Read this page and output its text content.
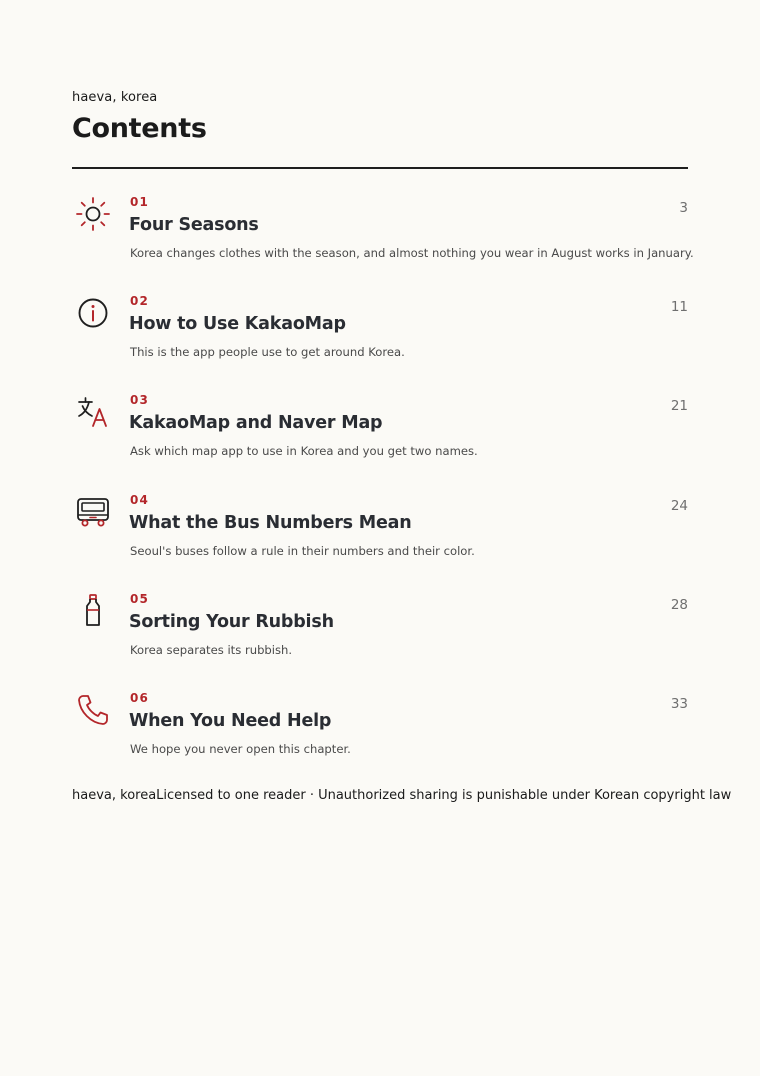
haeva, korea
Contents
01
Four Seasons
Korea changes clothes with the season, and almost nothing you wear in August works in January.
3
02
How to Use KakaoMap
This is the app people use to get around Korea.
11
03
KakaoMap and Naver Map
Ask which map app to use in Korea and you get two names.
21
04
What the Bus Numbers Mean
Seoul's buses follow a rule in their numbers and their color.
24
05
Sorting Your Rubbish
Korea separates its rubbish.
28
06
When You Need Help
We hope you never open this chapter.
33
haeva, koreaLicensed to one reader · Unauthorized sharing is punishable under Korean copyright law
